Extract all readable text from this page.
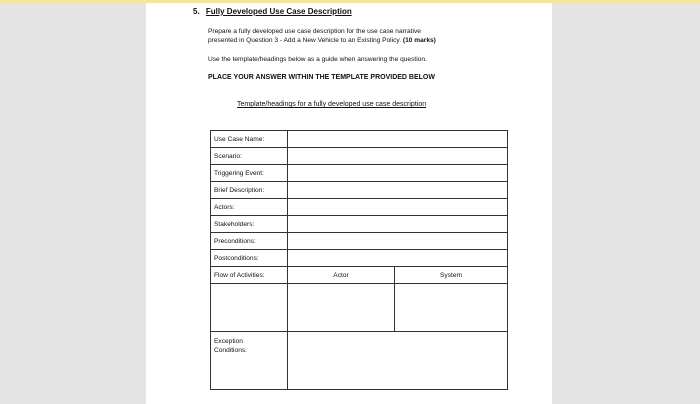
5. Fully Developed Use Case Description
Prepare a fully developed use case description for the use case narrative
presented in Question 3 - Add a New Vehicle to an Existing Policy. (10 marks)
Use the template/headings below as a guide when answering the question.
PLACE YOUR ANSWER WITHIN THE TEMPLATE PROVIDED BELOW
Template/headings for a fully developed use case description
Use Case Name:		
Scenario:		
Triggering Event:		
Brief Description:		
Actors:		
Stakeholders:		
Preconditions:		
Postconditions:		
Flow of Activities:	Actor	System

Exception
Conditions:		
